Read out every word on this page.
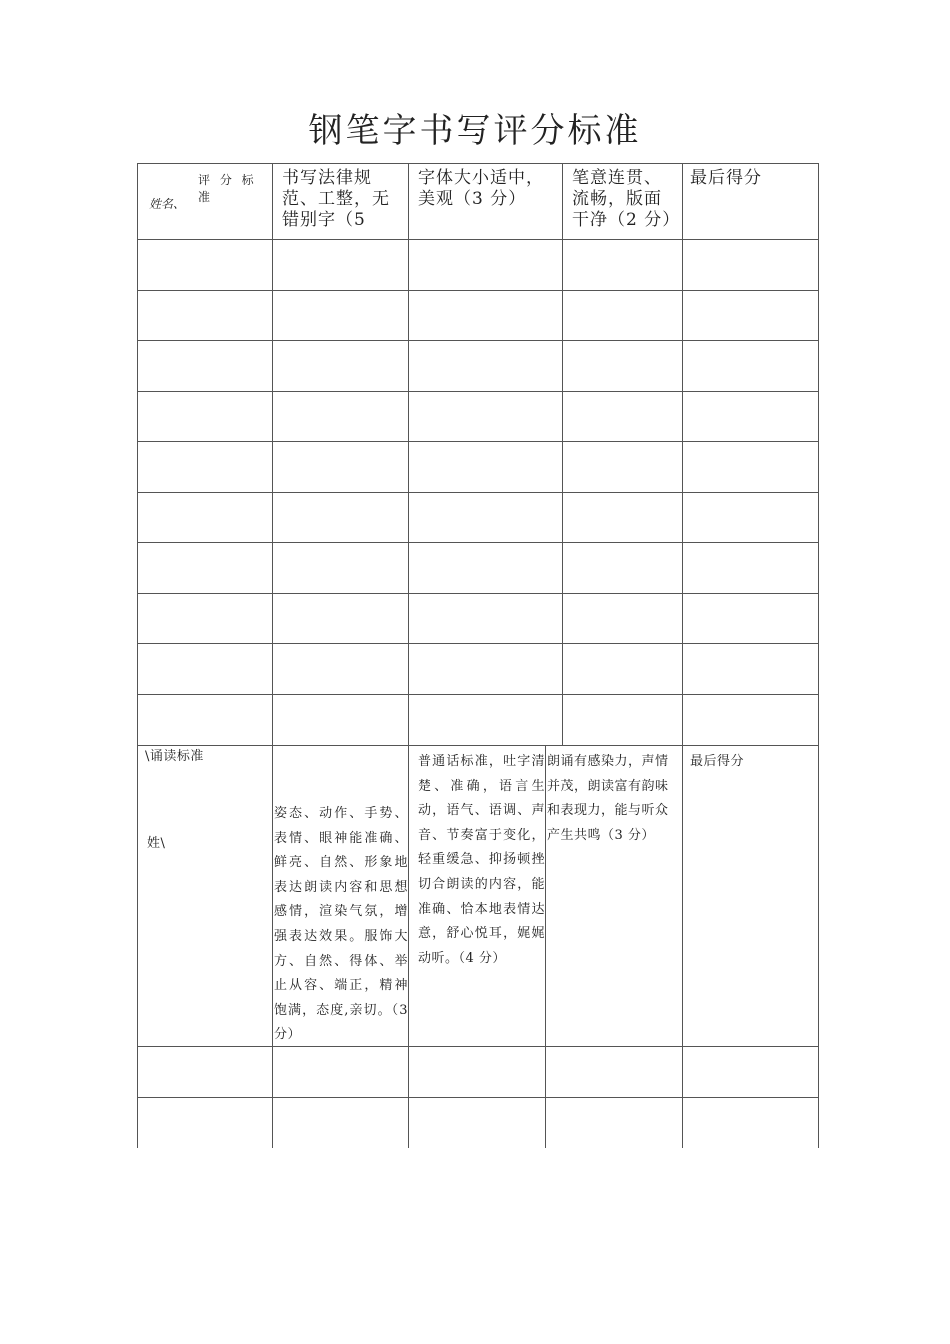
钢笔字书写评分标准
评 分 标 准
姓名、
书写法律规范、工整，无错别字（5
字体大小适中，美观（3 分）
笔意连贯、流畅，版面干净（2 分）
最后得分
\诵读标准
姓\
姿态、动作、手势、表情、眼神能准确、鲜亮、自然、形象地表达朗读内容和思想感情，渲染气氛，增强表达效果。服饰大方、自然、得体、举止从容、端正，精神饱满，态度,亲切。（3 分）
普通话标准，吐字清楚、准确，语言生动，语气、语调、声音、节奏富于变化，轻重缓急、抑扬顿挫切合朗读的内容，能准确、恰本地表情达意，舒心悦耳，娓娓动听。（4 分）
朗诵有感染力，声情并茂，朗读富有韵味和表现力，能与听众产生共鸣（3 分）
最后得分
